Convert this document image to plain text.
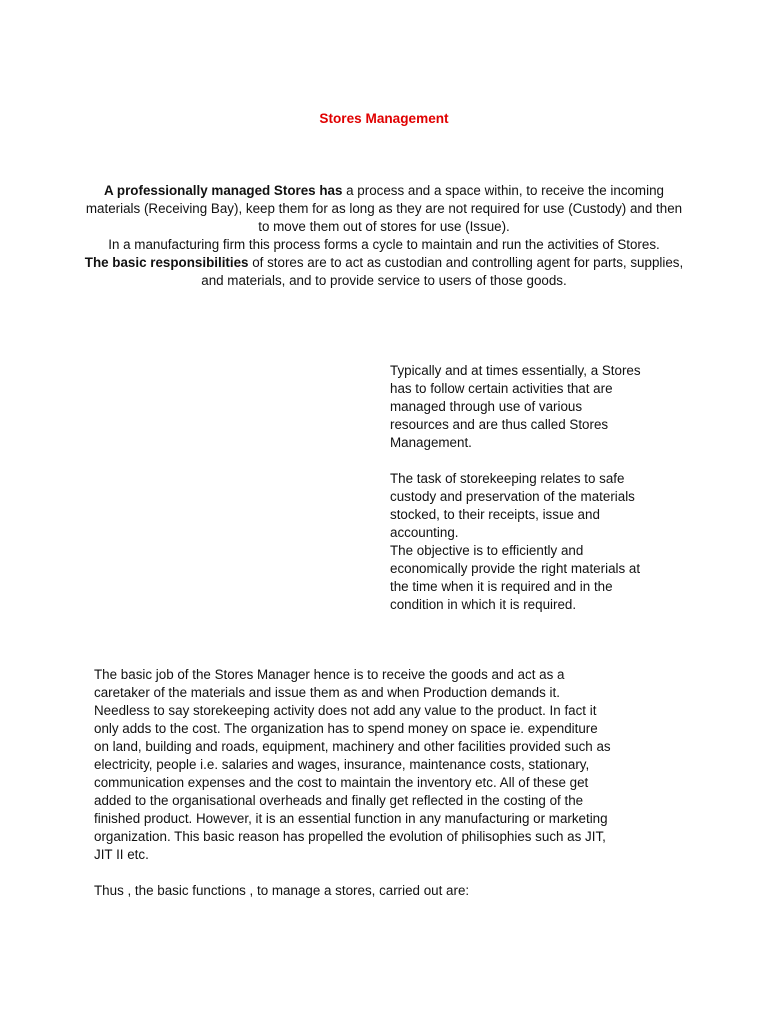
Stores Management

A professionally managed Stores has a process and a space within, to receive the incoming materials (Receiving Bay), keep them for as long as they are not required for use (Custody) and then to move them out of stores for use (Issue).

In a manufacturing firm this process forms a cycle to maintain and run the activities of Stores.

The basic responsibilities of stores are to act as custodian and controlling agent for parts, supplies, and materials, and to provide service to users of those goods.

Typically and at times essentially, a Stores
has to follow certain activities that are
managed through use of various
resources and are thus called Stores
Management.

The task of storekeeping relates to safe
custody and preservation of the materials
stocked, to their receipts, issue and
accounting.

The objective is to efficiently and
economically provide the right materials at
the time when it is required and in the
condition in which it is required.

The basic job of the Stores Manager hence is to receive the goods and act as a
caretaker of the materials and issue them as and when Production demands it.
Needless to say storekeeping activity does not add any value to the product. In fact it
only adds to the cost. The organization has to spend money on space ie. expenditure
on land, building and roads, equipment, machinery and other facilities provided such as
electricity, people i.e. salaries and wages, insurance, maintenance costs, stationary,
communication expenses and the cost to maintain the inventory etc. All of these get
added to the organisational overheads and finally get reflected in the costing of the
finished product. However, it is an essential function in any manufacturing or marketing
organization. This basic reason has propelled the evolution of philisophies such as JIT,
JIT II etc.

Thus , the basic functions , to manage a stores, carried out are:
